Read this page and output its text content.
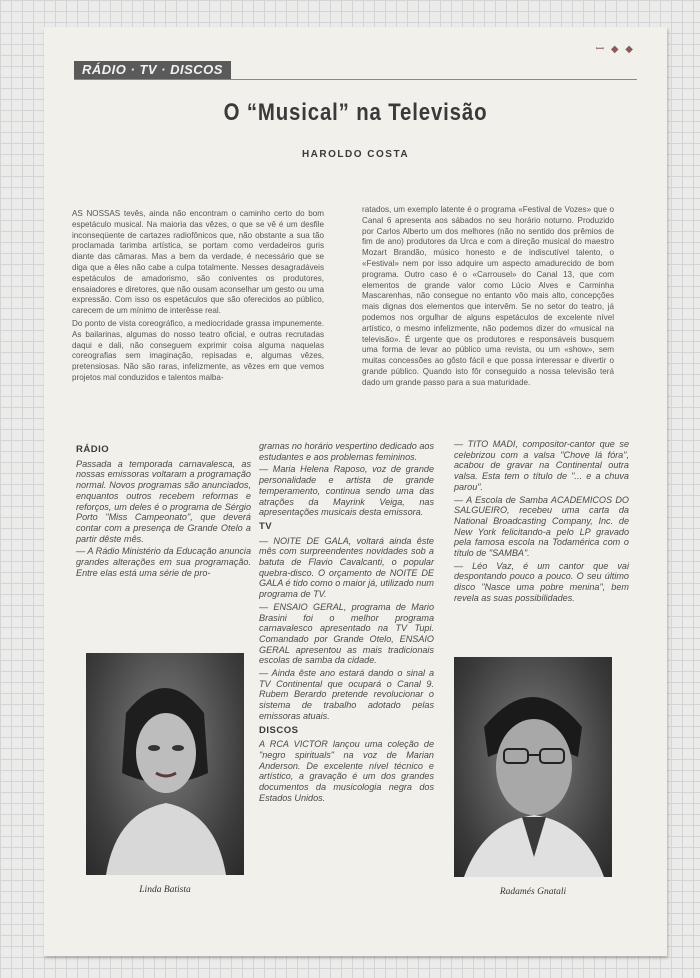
ꟷ ◆ ◆
RÁDIO · TV · DISCOS
O “Musical” na Televisão
HAROLDO COSTA

AS NOSSAS tevês, ainda não encontram o caminho certo do bom espetáculo musical. Na maioria das vêzes, o que se vê é um desfile inconseqüente de cartazes radiofônicos que, não obstante a sua tão proclamada tarimba artística, se portam como verdadeiros guris diante das câmaras. Mas a bem da verdade, é necessário que se diga que a êles não cabe a culpa totalmente. Nesses desagradáveis espetáculos de amadorismo, são coniventes os produtores, ensaiadores e diretores, que não ousam aconselhar um gesto ou uma expressão. Com isso os espetáculos que são oferecidos ao público, carecem de um mínimo de interêsse real.

Do ponto de vista coreográfico, a mediocridade grassa impunemente. As bailarinas, algumas do nosso teatro oficial, e outras recrutadas daqui e dali, não conseguem exprimir coisa alguma naquelas coreografias sem imaginação, repisadas e, algumas vêzes, pretensiosas. Não são raras, infelizmente, as vêzes em que vemos projetos mal conduzidos e talentos malba-

ratados, um exemplo latente é o programa «Festival de Vozes» que o Canal 6 apresenta aos sábados no seu horário noturno. Produzido por Carlos Alberto um dos melhores (não no sentido dos prêmios de fim de ano) produtores da Urca e com a direção musical do maestro Mozart Brandão, músico honesto e de indiscutível talento, o «Festival» nem por isso adquire um aspecto amadurecido de bom programa. Outro caso é o «Carrousel» do Canal 13, que com elementos de grande valor como Lúcio Alves e Carminha Mascarenhas, não consegue no entanto vôo mais alto, concepções mais dignas dos elementos que intervêm. Se no setor do teatro, já podemos nos orgulhar de alguns espetáculos de excelente nível artístico, o mesmo infelizmente, não podemos dizer do «musical na televisão». É urgente que os produtores e responsáveis busquem uma forma de levar ao público uma revista, ou um «show», sem muitas concessões ao gôsto fácil e que possa interessar e divertir o grande público. Quando isto fôr conseguido a nossa televisão terá dado um grande passo para a sua maturidade.

RÁDIO

Passada a temporada carnavalesca, as nossas emissoras voltaram a programação normal. Novos programas são anunciados, enquantos outros recebem reformas e reforços, um deles é o programa de Sérgio Porto "Miss Campeonato", que deverá contar com a presença de Grande Otelo a partir dêste mês.

— A Rádio Ministério da Educação anuncia grandes alterações em sua programação. Entre elas está uma série de pro-

gramas no horário vespertino dedicado aos estudantes e aos problemas femininos.

— Maria Helena Raposo, voz de grande personalidade e artista de grande temperamento, continua sendo uma das atrações da Mayrink Veiga, nas apresentações musicais desta emissora.

TV

— NOITE DE GALA, voltará ainda êste mês com surpreendentes novidades sob a batuta de Flavio Cavalcanti, o popular quebra-disco. O orçamento de NOITE DE GALA é tido como o maior já, utilizado num programa de TV.

— ENSAIO GERAL, programa de Mario Brasini foi o melhor programa carnavalesco apresentado na TV Tupi. Comandado por Grande Otelo, ENSAIO GERAL apresentou as mais tradicionais escolas de samba da cidade.

— Ainda êste ano estará dando o sinal a TV Continental que ocupará o Canal 9. Rubem Berardo pretende revolucionar o sistema de trabalho adotado pelas emissoras atuais.

DISCOS

A RCA VICTOR lançou uma coleção de "negro spirituals" na voz de Marian Anderson. De excelente nível técnico e artístico, a gravação é um dos grandes documentos da musicologia negra dos Estados Unidos.

— TITO MADI, compositor-cantor que se celebrizou com a valsa "Chove lá fóra", acabou de gravar na Continental outra valsa. Esta tem o título de "... e a chuva parou".

— A Escola de Samba ACADEMICOS DO SALGUEIRO, recebeu uma carta da National Broadcasting Company, Inc. de New York felicitando-a pelo LP gravado pela famosa escola na Todamérica com o título de "SAMBA".

— Léo Vaz, é um cantor que vai despontando pouco a pouco. O seu último disco "Nasce uma pobre menina", bem revela as suas possibilidades.

Linda Batista	Radamés Gnatali
